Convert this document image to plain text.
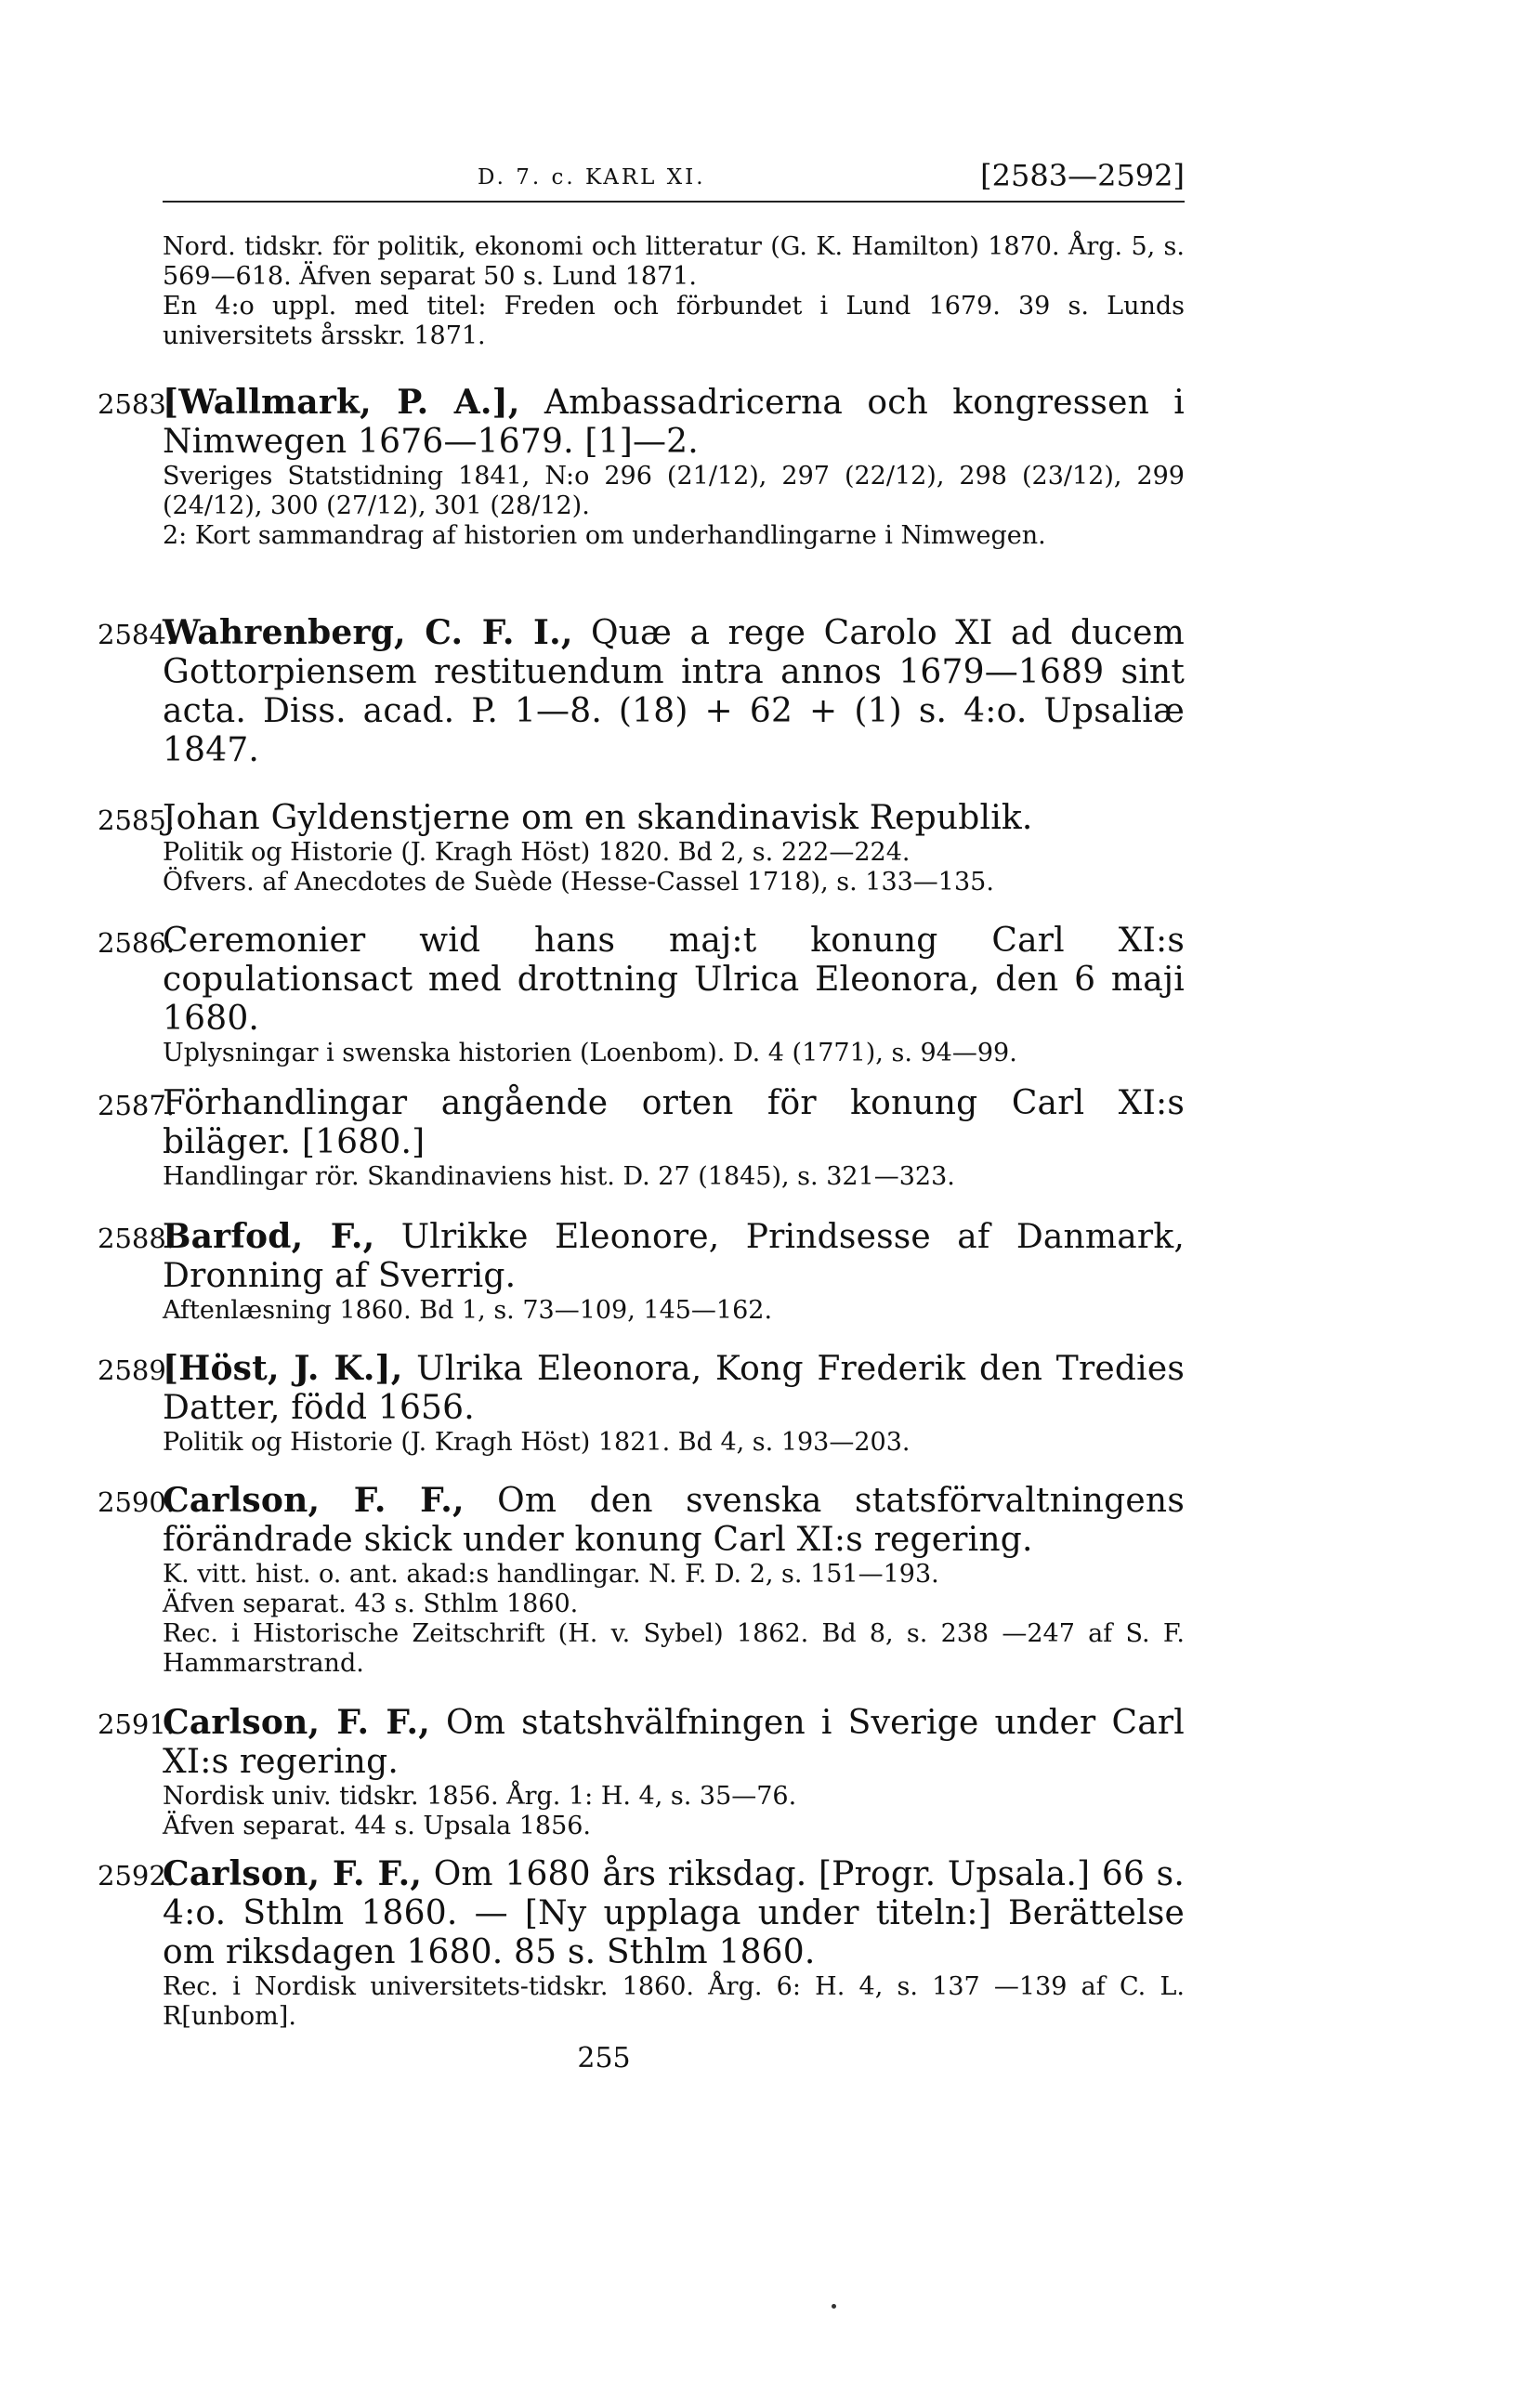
D. 7. c. KARL XI.	[2583—2592]
Nord. tidskr. för politik, ekonomi och litteratur (G. K. Hamilton) 1870. Årg. 5, s. 569—618. Äfven separat 50 s. Lund 1871.
En 4:o uppl. med titel: Freden och förbundet i Lund 1679. 39 s. Lunds universitets årsskr. 1871.
2583.
[Wallmark, P. A.], Ambassadricerna och kongressen i Nimwegen 1676—1679. [1]—2.
Sveriges Statstidning 1841, N:o 296 (21/12), 297 (22/12), 298 (23/12), 299 (24/12), 300 (27/12), 301 (28/12).
2: Kort sammandrag af historien om underhandlingarne i Nimwegen.
2584.
Wahrenberg, C. F. I., Quæ a rege Carolo XI ad ducem Gottorpiensem restituendum intra annos 1679—1689 sint acta. Diss. acad. P. 1—8. (18) + 62 + (1) s. 4:o. Upsaliæ 1847.
2585.
Johan Gyldenstjerne om en skandinavisk Republik.
Politik og Historie (J. Kragh Höst) 1820. Bd 2, s. 222—224.
Öfvers. af Anecdotes de Suède (Hesse-Cassel 1718), s. 133—135.
2586.
Ceremonier wid hans maj:t konung Carl XI:s copulationsact med drottning Ulrica Eleonora, den 6 maji 1680.
Uplysningar i swenska historien (Loenbom). D. 4 (1771), s. 94—99.
2587.
Förhandlingar angående orten för konung Carl XI:s biläger. [1680.]
Handlingar rör. Skandinaviens hist. D. 27 (1845), s. 321—323.
2588.
Barfod, F., Ulrikke Eleonore, Prindsesse af Danmark, Dronning af Sverrig.
Aftenlæsning 1860. Bd 1, s. 73—109, 145—162.
2589.
[Höst, J. K.], Ulrika Eleonora, Kong Frederik den Tredies Datter, född 1656.
Politik og Historie (J. Kragh Höst) 1821. Bd 4, s. 193—203.
2590.
Carlson, F. F., Om den svenska statsförvaltningens förändrade skick under konung Carl XI:s regering.
K. vitt. hist. o. ant. akad:s handlingar. N. F. D. 2, s. 151—193.
Äfven separat. 43 s. Sthlm 1860.
Rec. i Historische Zeitschrift (H. v. Sybel) 1862. Bd 8, s. 238 —247 af S. F. Hammarstrand.
2591.
Carlson, F. F., Om statshvälfningen i Sverige under Carl XI:s regering.
Nordisk univ. tidskr. 1856. Årg. 1: H. 4, s. 35—76.
Äfven separat. 44 s. Upsala 1856.
2592.
Carlson, F. F., Om 1680 års riksdag. [Progr. Upsala.] 66 s. 4:o. Sthlm 1860. — [Ny upplaga under titeln:] Berättelse om riksdagen 1680. 85 s. Sthlm 1860.
Rec. i Nordisk universitets-tidskr. 1860. Årg. 6: H. 4, s. 137 —139 af C. L. R[unbom].
255
